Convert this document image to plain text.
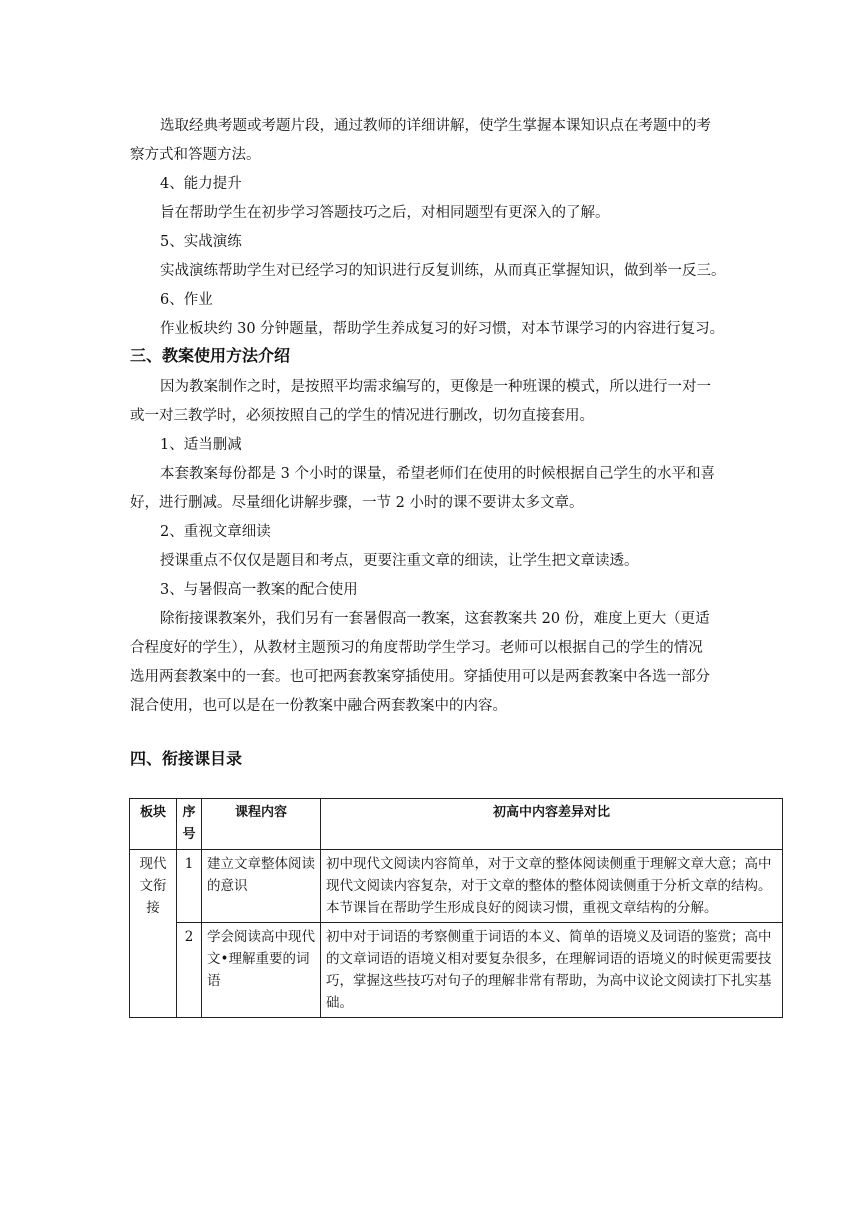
选取经典考题或考题片段，通过教师的详细讲解，使学生掌握本课知识点在考题中的考
察方式和答题方法。
4、能力提升
旨在帮助学生在初步学习答题技巧之后，对相同题型有更深入的了解。
5、实战演练
实战演练帮助学生对已经学习的知识进行反复训练，从而真正掌握知识，做到举一反三。
6、作业
作业板块约 30 分钟题量，帮助学生养成复习的好习惯，对本节课学习的内容进行复习。
三、教案使用方法介绍
因为教案制作之时，是按照平均需求编写的，更像是一种班课的模式，所以进行一对一
或一对三教学时，必须按照自己的学生的情况进行删改，切勿直接套用。
1、适当删减
本套教案每份都是 3 个小时的课量，希望老师们在使用的时候根据自己学生的水平和喜
好，进行删减。尽量细化讲解步骤，一节 2 小时的课不要讲太多文章。
2、重视文章细读
授课重点不仅仅是题目和考点，更要注重文章的细读，让学生把文章读透。
3、与暑假高一教案的配合使用
除衔接课教案外，我们另有一套暑假高一教案，这套教案共 20 份，难度上更大（更适
合程度好的学生），从教材主题预习的角度帮助学生学习。老师可以根据自己的学生的情况
选用两套教案中的一套。也可把两套教案穿插使用。穿插使用可以是两套教案中各选一部分
混合使用，也可以是在一份教案中融合两套教案中的内容。
四、衔接课目录
板块	序号	课程内容	初高中内容差异对比
现代文衔接	1	建立文章整体阅读的意识	初中现代文阅读内容简单，对于文章的整体阅读侧重于理解文章大意；高中现代文阅读内容复杂，对于文章的整体的整体阅读侧重于分析文章的结构。本节课旨在帮助学生形成良好的阅读习惯，重视文章结构的分解。
	2	学会阅读高中现代文•理解重要的词语	初中对于词语的考察侧重于词语的本义、简单的语境义及词语的鉴赏；高中的文章词语的语境义相对要复杂很多，在理解词语的语境义的时候更需要技巧，掌握这些技巧对句子的理解非常有帮助，为高中议论文阅读打下扎实基础。
